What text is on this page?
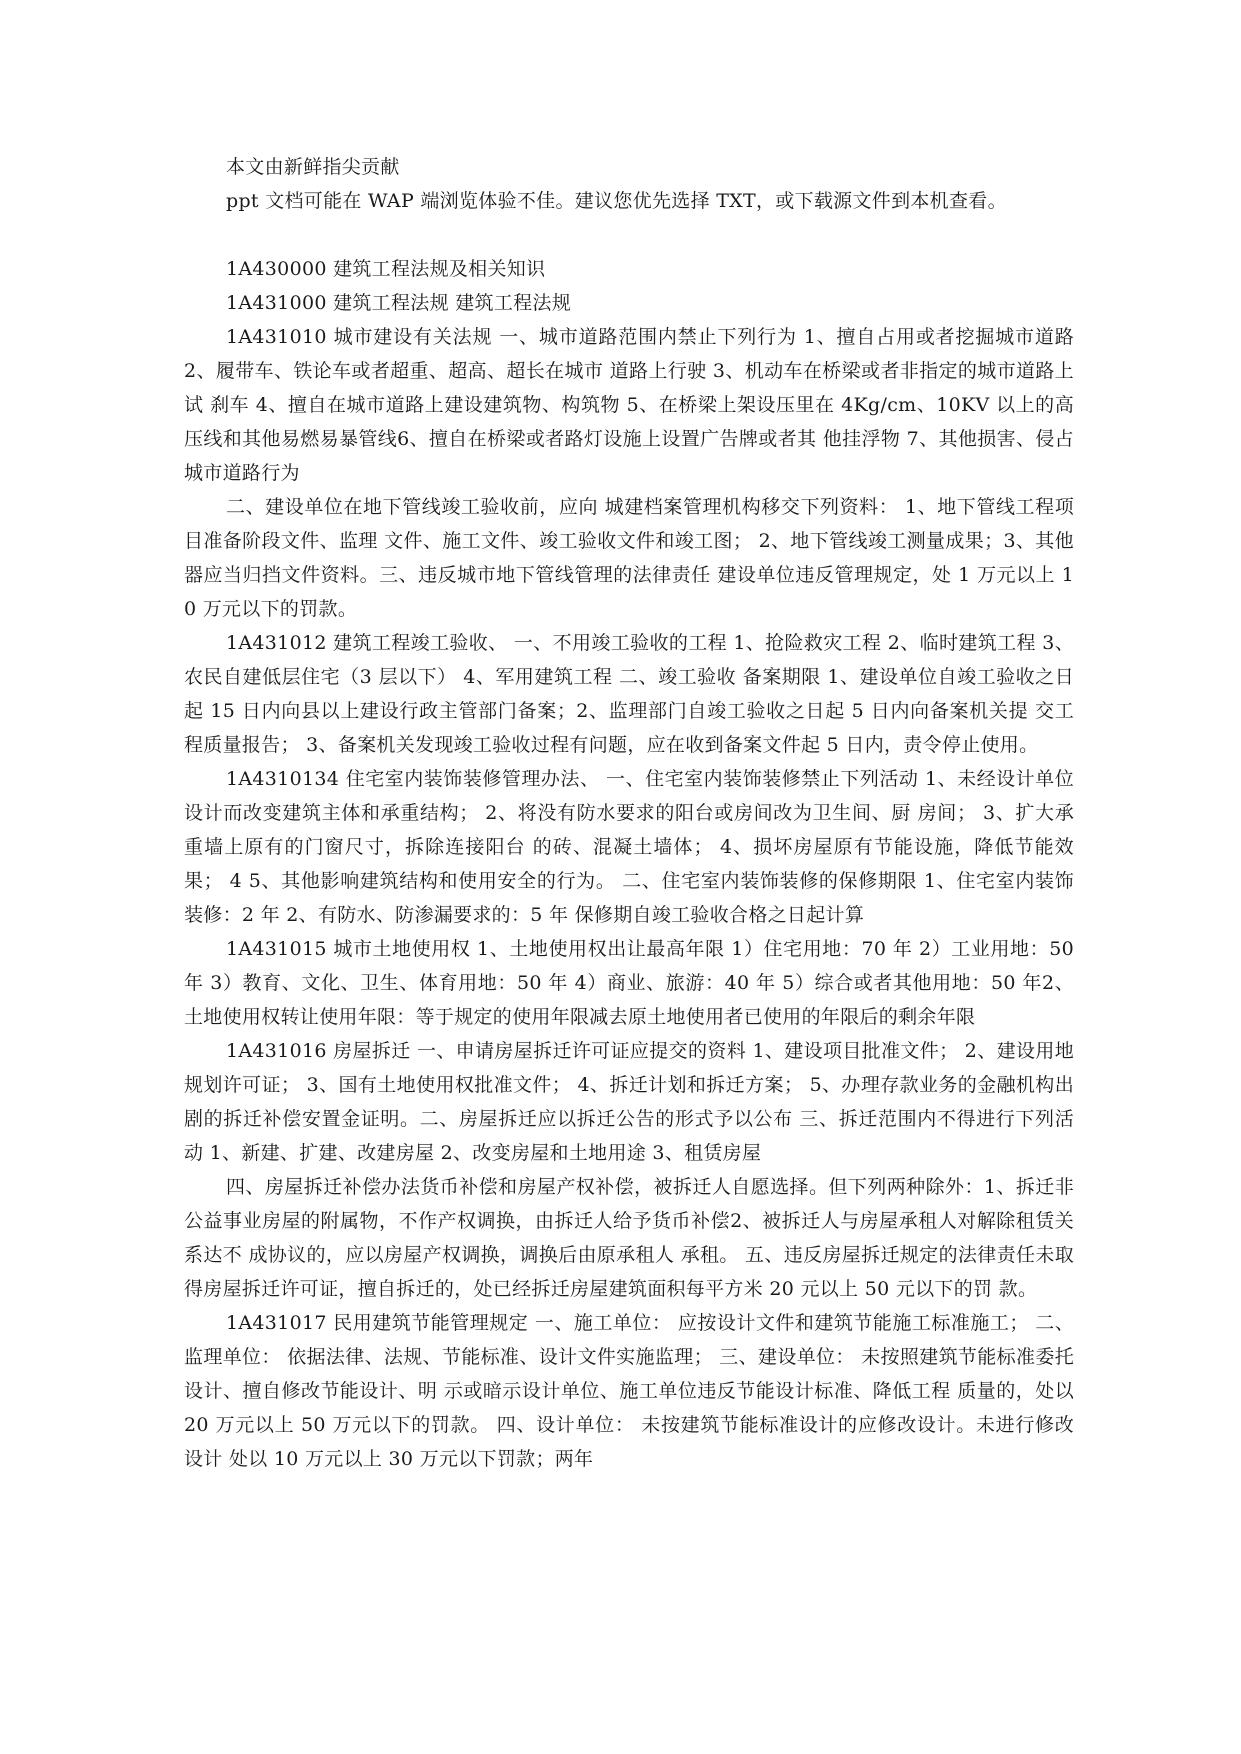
本文由新鲜指尖贡献

ppt 文档可能在 WAP 端浏览体验不佳。建议您优先选择 TXT，或下载源文件到本机查看。

1A430000 建筑工程法规及相关知识

1A431000 建筑工程法规 建筑工程法规

1A431010 城市建设有关法规 一、城市道路范围内禁止下列行为 1、擅自占用或者挖掘城市道路 2、履带车、铁论车或者超重、超高、超长在城市 道路上行驶 3、机动车在桥梁或者非指定的城市道路上试 刹车 4、擅自在城市道路上建设建筑物、构筑物 5、在桥梁上架设压里在 4Kg/cm、10KV 以上的高压线和其他易燃易暴管线6、擅自在桥梁或者路灯设施上设置广告牌或者其 他挂浮物 7、其他损害、侵占城市道路行为

二、建设单位在地下管线竣工验收前，应向 城建档案管理机构移交下列资料： 1、地下管线工程项目准备阶段文件、监理 文件、施工文件、竣工验收文件和竣工图； 2、地下管线竣工测量成果；3、其他器应当归挡文件资料。三、违反城市地下管线管理的法律责任 建设单位违反管理规定，处 1 万元以上 10 万元以下的罚款。

1A431012 建筑工程竣工验收、 一、不用竣工验收的工程 1、抢险救灾工程 2、临时建筑工程 3、农民自建低层住宅（3 层以下） 4、军用建筑工程 二、竣工验收 备案期限 1、建设单位自竣工验收之日起 15 日内向县以上建设行政主管部门备案；2、监理部门自竣工验收之日起 5 日内向备案机关提 交工程质量报告； 3、备案机关发现竣工验收过程有问题，应在收到备案文件起 5 日内，责令停止使用。

1A4310134 住宅室内装饰装修管理办法、 一、住宅室内装饰装修禁止下列活动 1、未经设计单位设计而改变建筑主体和承重结构； 2、将没有防水要求的阳台或房间改为卫生间、厨 房间； 3、扩大承重墙上原有的门窗尺寸，拆除连接阳台 的砖、混凝土墙体； 4、损坏房屋原有节能设施，降低节能效果； 4 5、其他影响建筑结构和使用安全的行为。 二、住宅室内装饰装修的保修期限 1、住宅室内装饰装修：2 年 2、有防水、防渗漏要求的：5 年 保修期自竣工验收合格之日起计算

1A431015 城市土地使用权 1、土地使用权出让最高年限 1）住宅用地：70 年 2）工业用地：50 年 3）教育、文化、卫生、体育用地：50 年 4）商业、旅游：40 年 5）综合或者其他用地：50 年2、土地使用权转让使用年限：等于规定的使用年限减去原土地使用者已使用的年限后的剩余年限

1A431016 房屋拆迁 一、申请房屋拆迁许可证应提交的资料 1、建设项目批准文件； 2、建设用地规划许可证； 3、国有土地使用权批准文件； 4、拆迁计划和拆迁方案； 5、办理存款业务的金融机构出剧的拆迁补偿安置金证明。二、房屋拆迁应以拆迁公告的形式予以公布 三、拆迁范围内不得进行下列活动 1、新建、扩建、改建房屋 2、改变房屋和土地用途 3、租赁房屋

四、房屋拆迁补偿办法货币补偿和房屋产权补偿，被拆迁人自愿选择。但下列两种除外：1、拆迁非公益事业房屋的附属物，不作产权调换，由拆迁人给予货币补偿2、被拆迁人与房屋承租人对解除租赁关系达不 成协议的，应以房屋产权调换，调换后由原承租人 承租。 五、违反房屋拆迁规定的法律责任未取得房屋拆迁许可证，擅自拆迁的，处已经拆迁房屋建筑面积每平方米 20 元以上 50 元以下的罚 款。

1A431017 民用建筑节能管理规定 一、施工单位： 应按设计文件和建筑节能施工标准施工； 二、监理单位： 依据法律、法规、节能标准、设计文件实施监理； 三、建设单位： 未按照建筑节能标准委托设计、擅自修改节能设计、明 示或暗示设计单位、施工单位违反节能设计标准、降低工程 质量的，处以 20 万元以上 50 万元以下的罚款。 四、设计单位： 未按建筑节能标准设计的应修改设计。未进行修改设计 处以 10 万元以上 30 万元以下罚款；两年
